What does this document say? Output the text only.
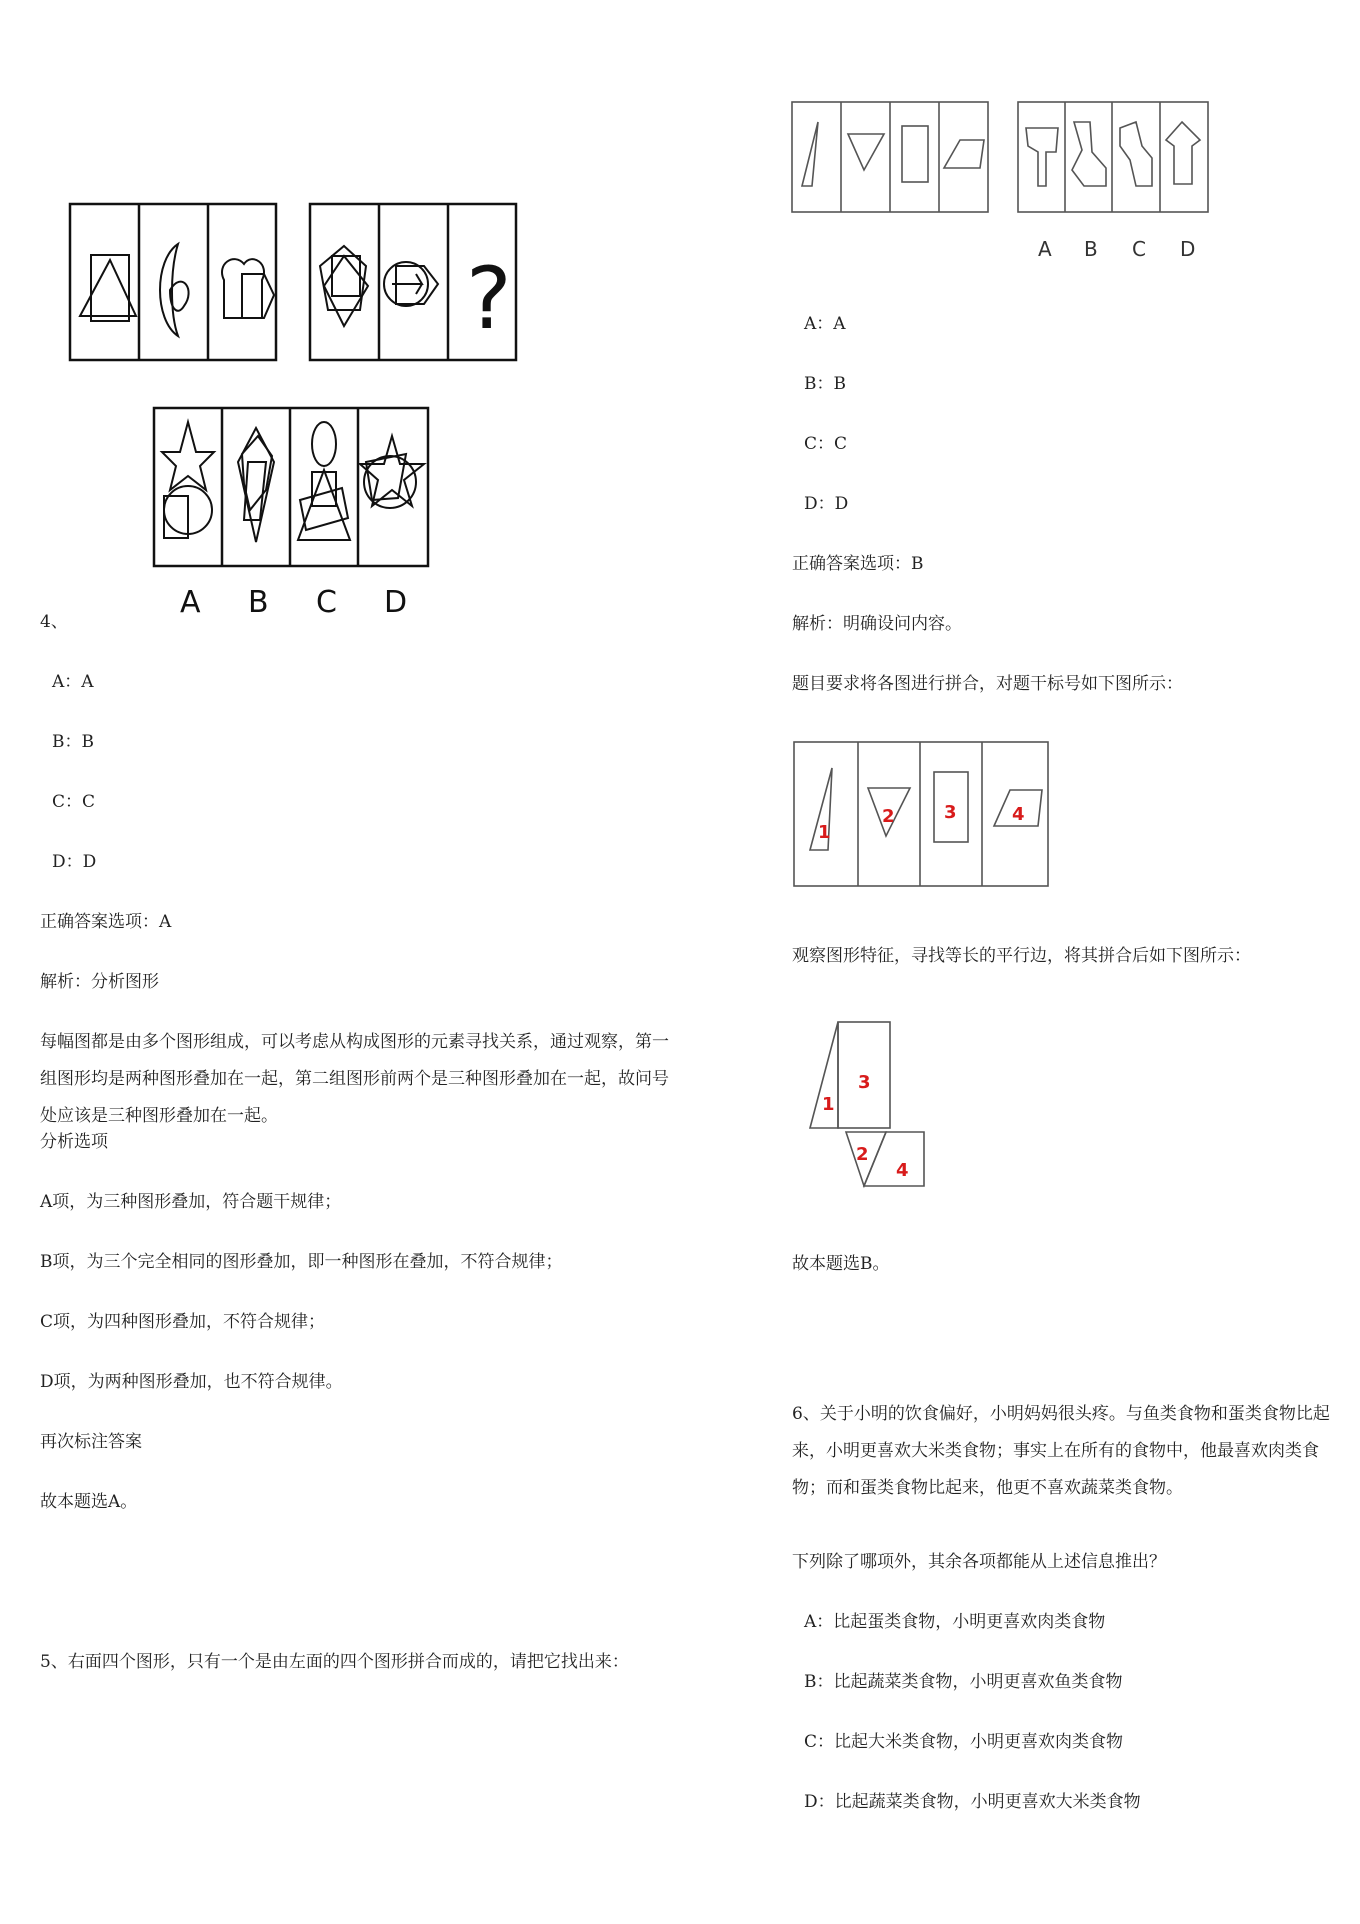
?
A B C D
4、
A：A
B：B
C：C
D：D
正确答案选项：A
解析：分析图形
每幅图都是由多个图形组成，可以考虑从构成图形的元素寻找关系，通过观察，第一组图形均是两种图形叠加在一起，第二组图形前两个是三种图形叠加在一起，故问号处应该是三种图形叠加在一起。
分析选项
A项，为三种图形叠加，符合题干规律；
B项，为三个完全相同的图形叠加，即一种图形在叠加，不符合规律；
C项，为四种图形叠加，不符合规律；
D项，为两种图形叠加，也不符合规律。
再次标注答案
故本题选A。
5、右面四个图形，只有一个是由左面的四个图形拼合而成的，请把它找出来：
A B C D
A：A
B：B
C：C
D：D
正确答案选项：B
解析：明确设问内容。
题目要求将各图进行拼合，对题干标号如下图所示：
1
2	3	4
观察图形特征，寻找等长的平行边，将其拼合后如下图所示：
1
3
2
4
故本题选B。
6、关于小明的饮食偏好，小明妈妈很头疼。与鱼类食物和蛋类食物比起来，小明更喜欢大米类食物；事实上在所有的食物中，他最喜欢肉类食物；而和蛋类食物比起来，他更不喜欢蔬菜类食物。
下列除了哪项外，其余各项都能从上述信息推出？
A：比起蛋类食物，小明更喜欢肉类食物
B：比起蔬菜类食物，小明更喜欢鱼类食物
C：比起大米类食物，小明更喜欢肉类食物
D：比起蔬菜类食物，小明更喜欢大米类食物
